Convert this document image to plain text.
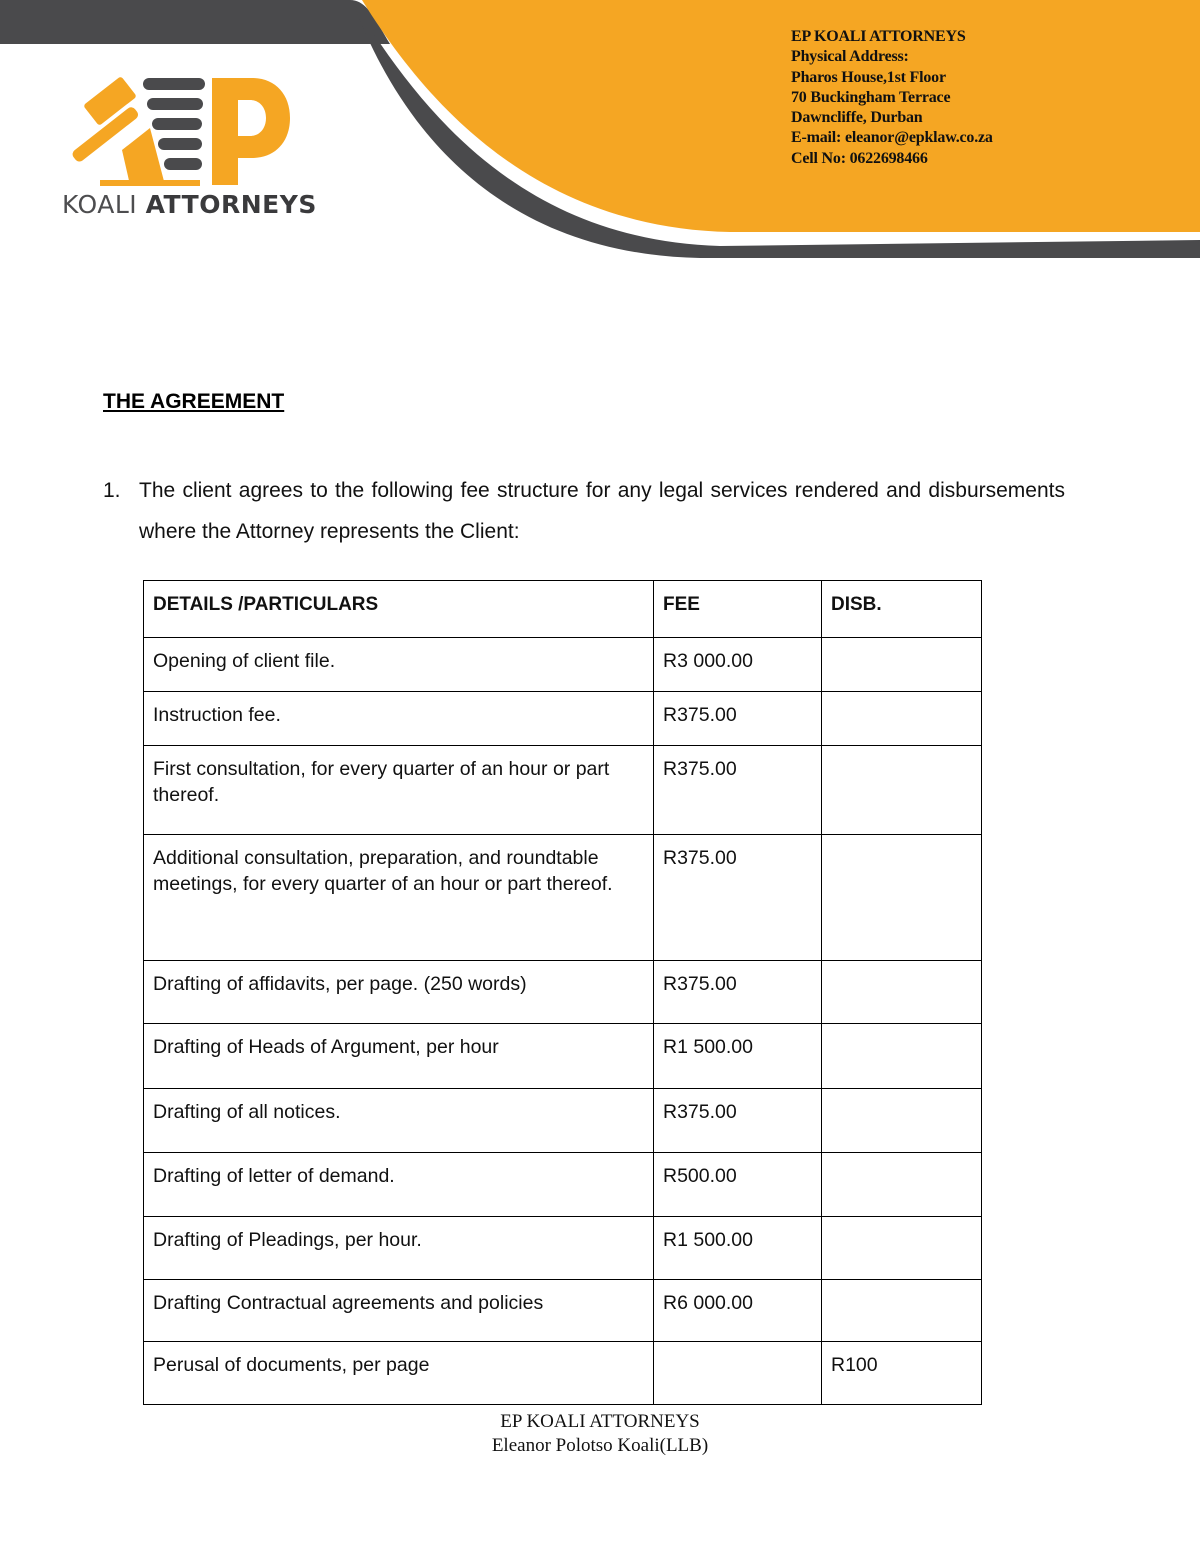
KOALI ATTORNEYS
EP KOALI ATTORNEYS
Physical Address:
Pharos House,1st Floor
70 Buckingham Terrace
Dawncliffe, Durban
E-mail: eleanor@epklaw.co.za
Cell No: 0622698466
THE AGREEMENT
1. The client agrees to the following fee structure for any legal services rendered and disbursements where the Attorney represents the Client:
DETAILS /PARTICULARS	FEE	DISB.
Opening of client file.	R3 000.00	
Instruction fee.	R375.00	
First consultation, for every quarter of an hour or part thereof.	R375.00	
Additional consultation, preparation, and roundtable meetings, for every quarter of an hour or part thereof.	R375.00	
Drafting of affidavits, per page. (250 words)	R375.00	
Drafting of Heads of Argument, per hour	R1 500.00	
Drafting of all notices.	R375.00	
Drafting of letter of demand.	R500.00	
Drafting of Pleadings, per hour.	R1 500.00	
Drafting Contractual agreements and policies	R6 000.00	
Perusal of documents, per page		R100
EP KOALI ATTORNEYS
Eleanor Polotso Koali(LLB)
